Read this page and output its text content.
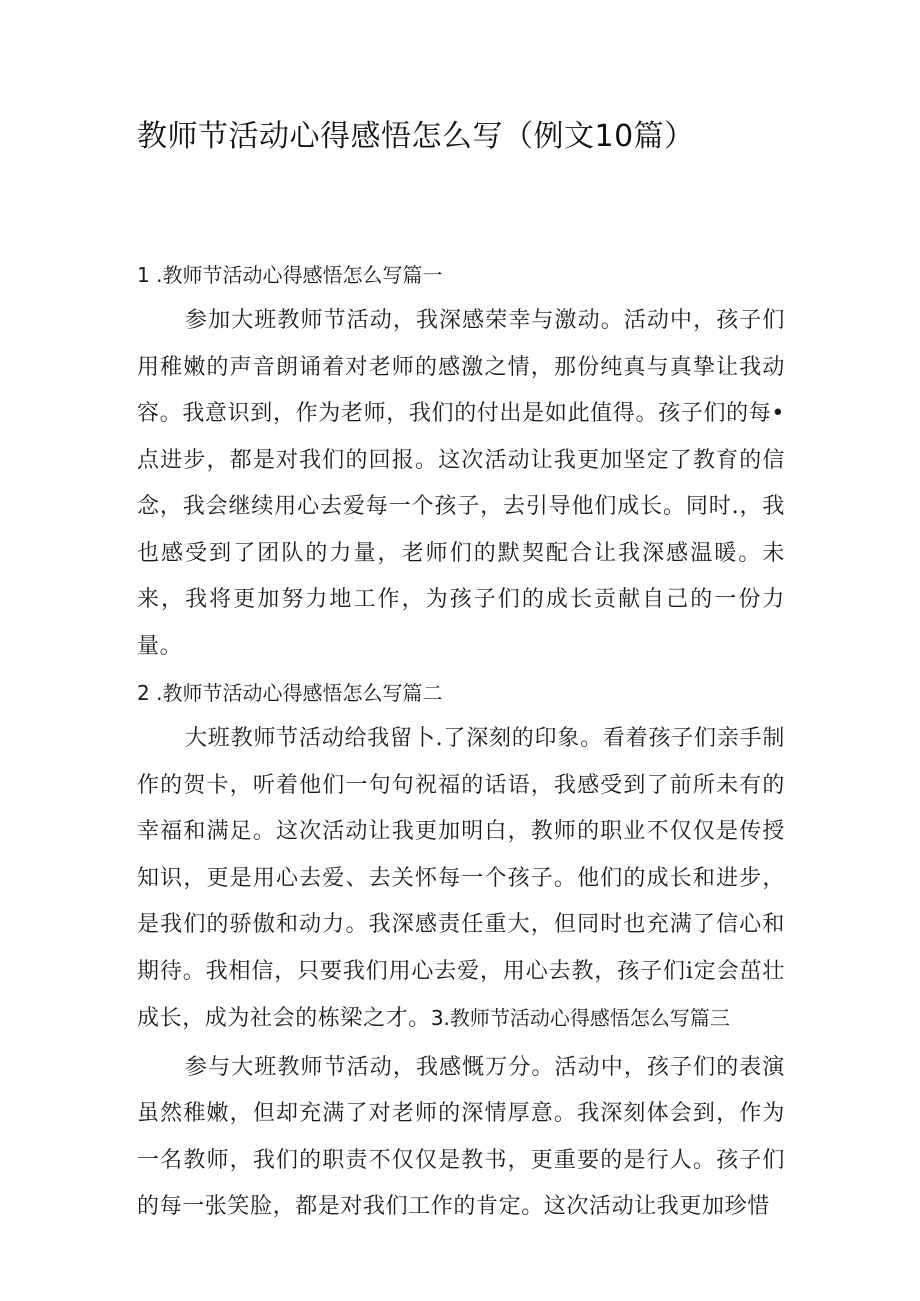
教师节活动心得感悟怎么写（例文10篇）
1 .教师节活动心得感悟怎么写篇一

参加大班教师节活动，我深感荣幸与激动。活动中，孩子们用稚嫩的声音朗诵着对老师的感激之情，那份纯真与真挚让我动容。我意识到，作为老师，我们的付出是如此值得。孩子们的每•点进步，都是对我们的回报。这次活动让我更加坚定了教育的信念，我会继续用心去爱每一个孩子，去引导他们成长。同时.，我也感受到了团队的力量，老师们的默契配合让我深感温暖。未来，我将更加努力地工作，为孩子们的成长贡献自己的一份力量。

2 .教师节活动心得感悟怎么写篇二

大班教师节活动给我留卜.了深刻的印象。看着孩子们亲手制作的贺卡，听着他们一句句祝福的话语，我感受到了前所未有的幸福和满足。这次活动让我更加明白，教师的职业不仅仅是传授知识，更是用心去爱、去关怀每一个孩子。他们的成长和进步，是我们的骄傲和动力。我深感责任重大，但同时也充满了信心和期待。我相信，只要我们用心去爱，用心去教，孩子们i定会茁壮成长，成为社会的栋梁之才。3.教师节活动心得感悟怎么写篇三

参与大班教师节活动，我感慨万分。活动中，孩子们的表演虽然稚嫩，但却充满了对老师的深情厚意。我深刻体会到，作为一名教师，我们的职责不仅仅是教书，更重要的是行人。孩子们的每一张笑脸，都是对我们工作的肯定。这次活动让我更加珍惜
